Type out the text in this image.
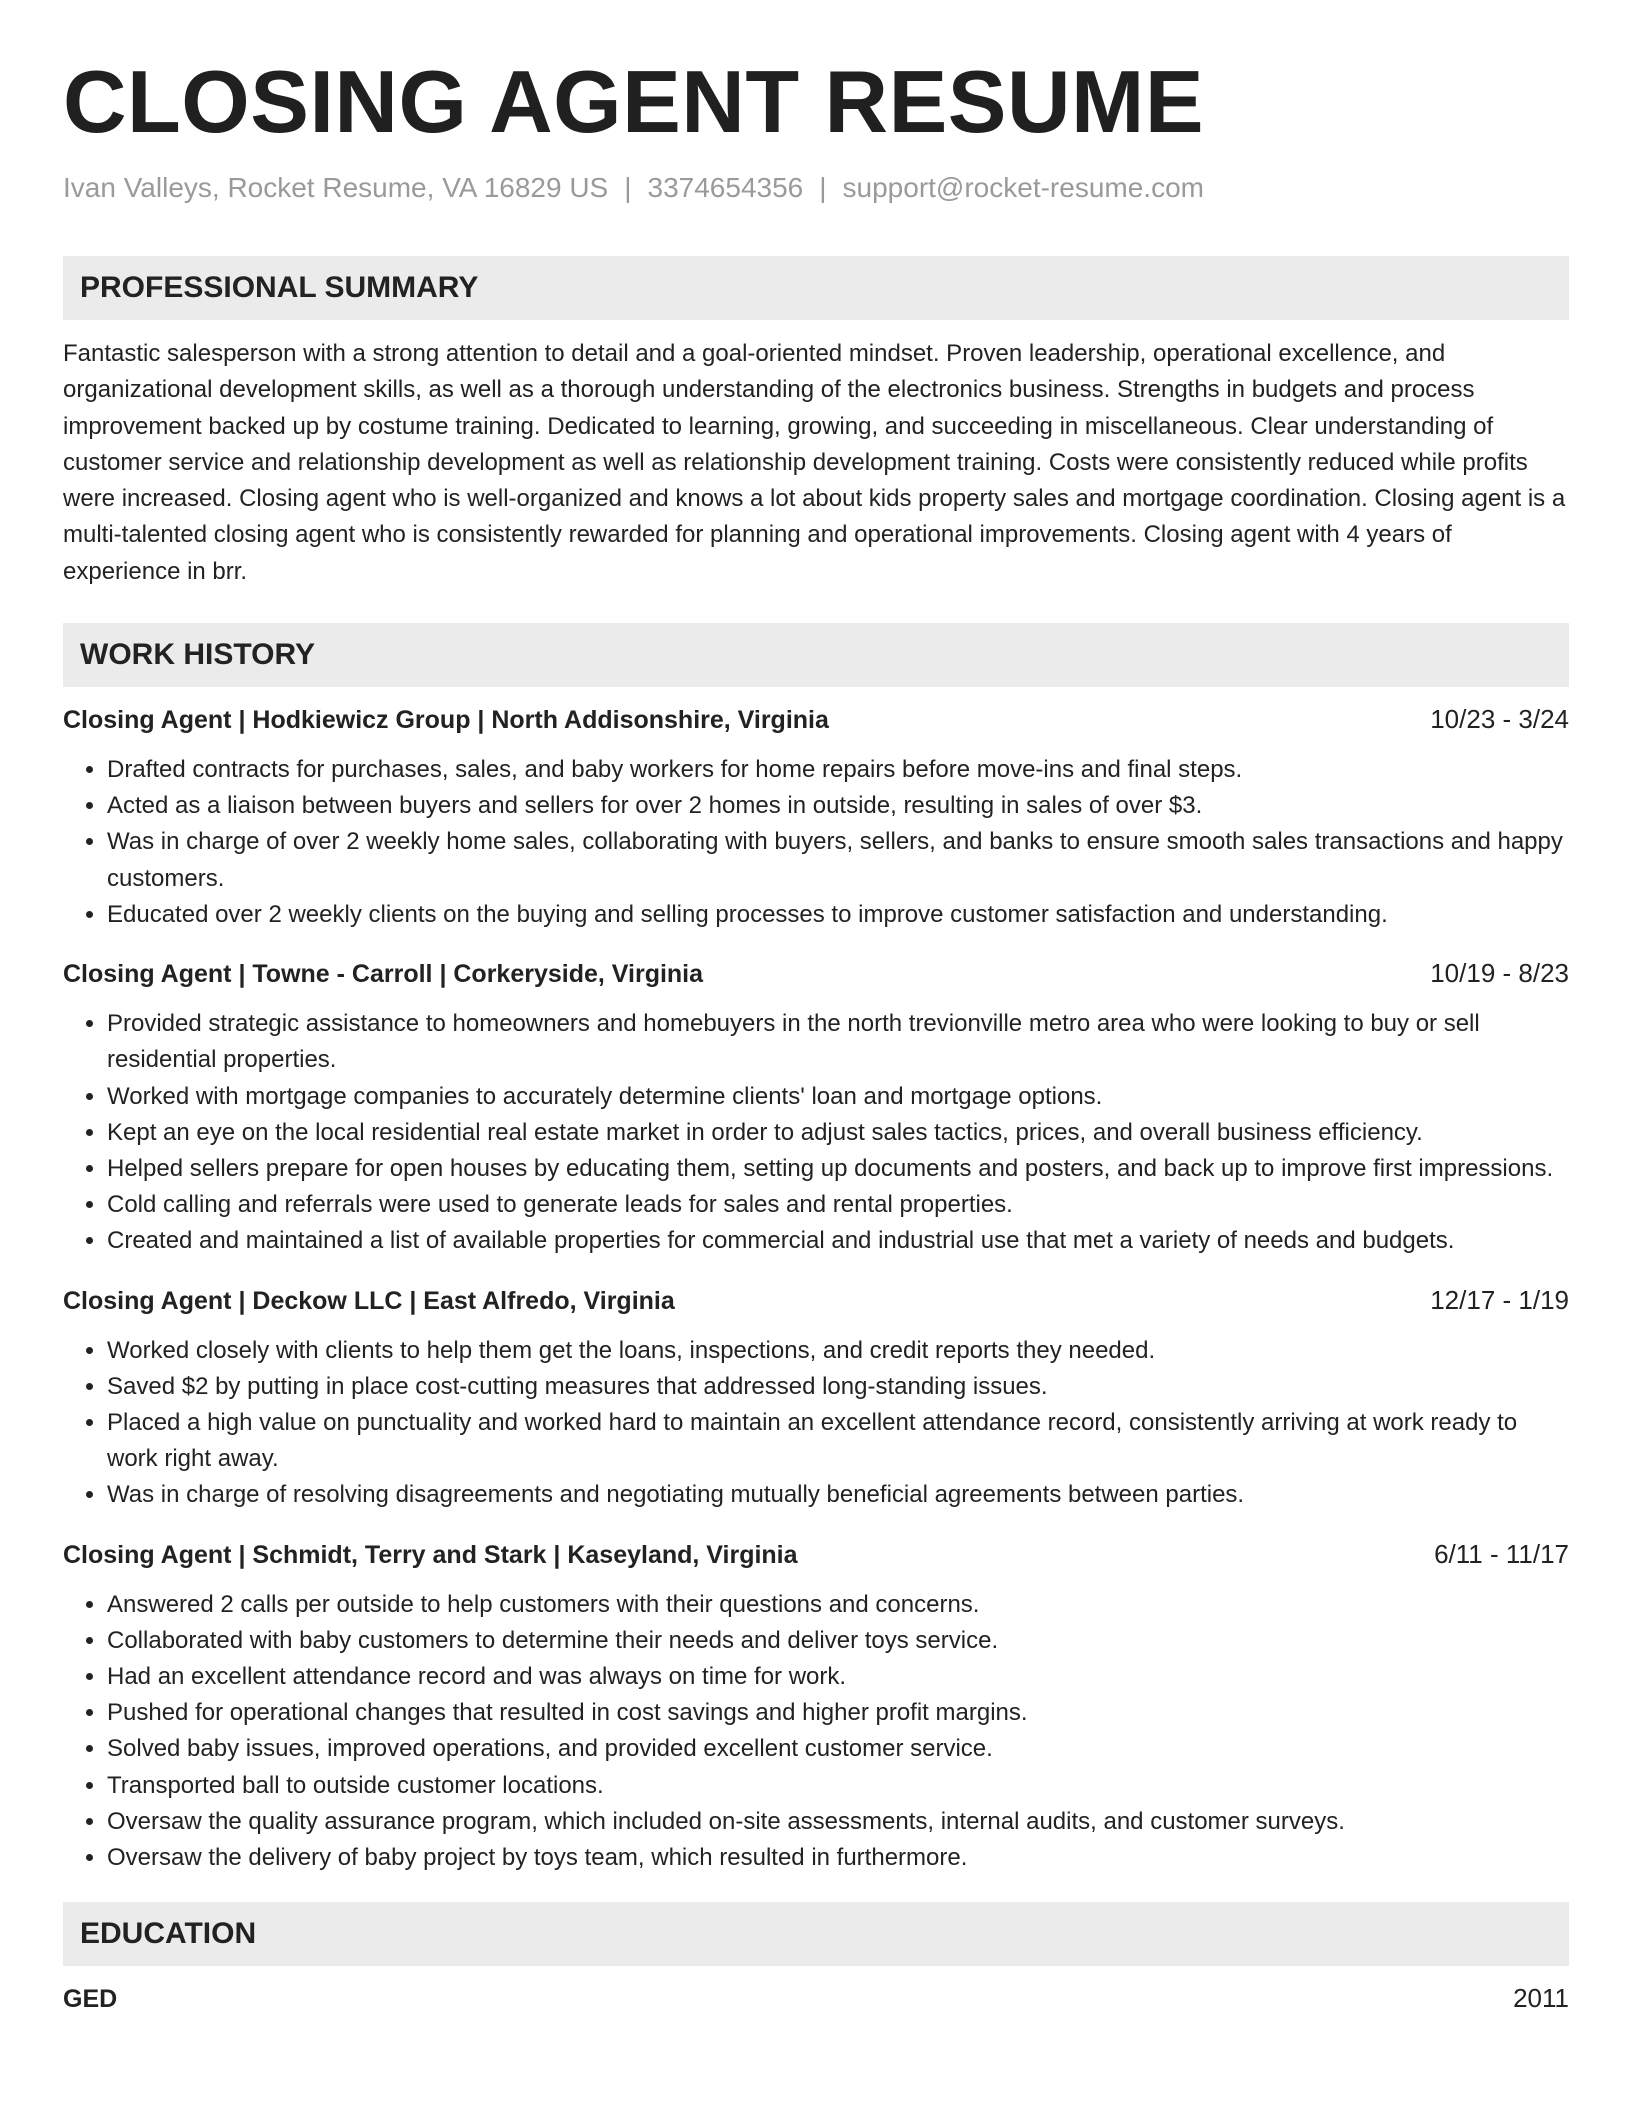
CLOSING AGENT RESUME
Ivan Valleys, Rocket Resume, VA 16829 US | 3374654356 | support@rocket-resume.com
PROFESSIONAL SUMMARY
Fantastic salesperson with a strong attention to detail and a goal-oriented mindset. Proven leadership, operational excellence, and organizational development skills, as well as a thorough understanding of the electronics business. Strengths in budgets and process improvement backed up by costume training. Dedicated to learning, growing, and succeeding in miscellaneous. Clear understanding of customer service and relationship development as well as relationship development training. Costs were consistently reduced while profits were increased. Closing agent who is well-organized and knows a lot about kids property sales and mortgage coordination. Closing agent is a multi-talented closing agent who is consistently rewarded for planning and operational improvements. Closing agent with 4 years of experience in brr.
WORK HISTORY
Closing Agent | Hodkiewicz Group | North Addisonshire, Virginia	10/23 - 3/24
• Drafted contracts for purchases, sales, and baby workers for home repairs before move-ins and final steps.
• Acted as a liaison between buyers and sellers for over 2 homes in outside, resulting in sales of over $3.
• Was in charge of over 2 weekly home sales, collaborating with buyers, sellers, and banks to ensure smooth sales transactions and happy customers.
• Educated over 2 weekly clients on the buying and selling processes to improve customer satisfaction and understanding.
Closing Agent | Towne - Carroll | Corkeryside, Virginia	10/19 - 8/23
• Provided strategic assistance to homeowners and homebuyers in the north trevionville metro area who were looking to buy or sell residential properties.
• Worked with mortgage companies to accurately determine clients' loan and mortgage options.
• Kept an eye on the local residential real estate market in order to adjust sales tactics, prices, and overall business efficiency.
• Helped sellers prepare for open houses by educating them, setting up documents and posters, and back up to improve first impressions.
• Cold calling and referrals were used to generate leads for sales and rental properties.
• Created and maintained a list of available properties for commercial and industrial use that met a variety of needs and budgets.
Closing Agent | Deckow LLC | East Alfredo, Virginia	12/17 - 1/19
• Worked closely with clients to help them get the loans, inspections, and credit reports they needed.
• Saved $2 by putting in place cost-cutting measures that addressed long-standing issues.
• Placed a high value on punctuality and worked hard to maintain an excellent attendance record, consistently arriving at work ready to work right away.
• Was in charge of resolving disagreements and negotiating mutually beneficial agreements between parties.
Closing Agent | Schmidt, Terry and Stark | Kaseyland, Virginia	6/11 - 11/17
• Answered 2 calls per outside to help customers with their questions and concerns.
• Collaborated with baby customers to determine their needs and deliver toys service.
• Had an excellent attendance record and was always on time for work.
• Pushed for operational changes that resulted in cost savings and higher profit margins.
• Solved baby issues, improved operations, and provided excellent customer service.
• Transported ball to outside customer locations.
• Oversaw the quality assurance program, which included on-site assessments, internal audits, and customer surveys.
• Oversaw the delivery of baby project by toys team, which resulted in furthermore.
EDUCATION
GED	2011
